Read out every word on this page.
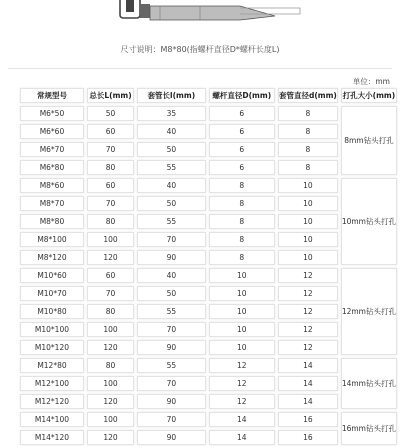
尺寸说明：M8*80(指螺杆直径D*螺杆长度L)
单位：mm
常规型号	总长L(mm)	套管长l(mm)	螺杆直径D(mm)	套管直径d(mm)	打孔大小(mm)
M6*50	50	35	6	8	8mm钻头打孔
M6*60	60	40	6	8	
M6*70	70	50	6	8	
M6*80	80	55	6	8	
M8*60	60	40	8	10	10mm钻头打孔
M8*70	70	50	8	10	
M8*80	80	55	8	10	
M8*100	100	70	8	10	
M8*120	120	90	8	10	
M10*60	60	40	10	12	12mm钻头打孔
M10*70	70	50	10	12	
M10*80	80	55	10	12	
M10*100	100	70	10	12	
M10*120	120	90	10	12	
M12*80	80	55	12	14	14mm钻头打孔
M12*100	100	70	12	14	
M12*120	120	90	12	14	
M14*100	100	70	14	16	16mm钻头打孔
M14*120	120	90	14	16	
